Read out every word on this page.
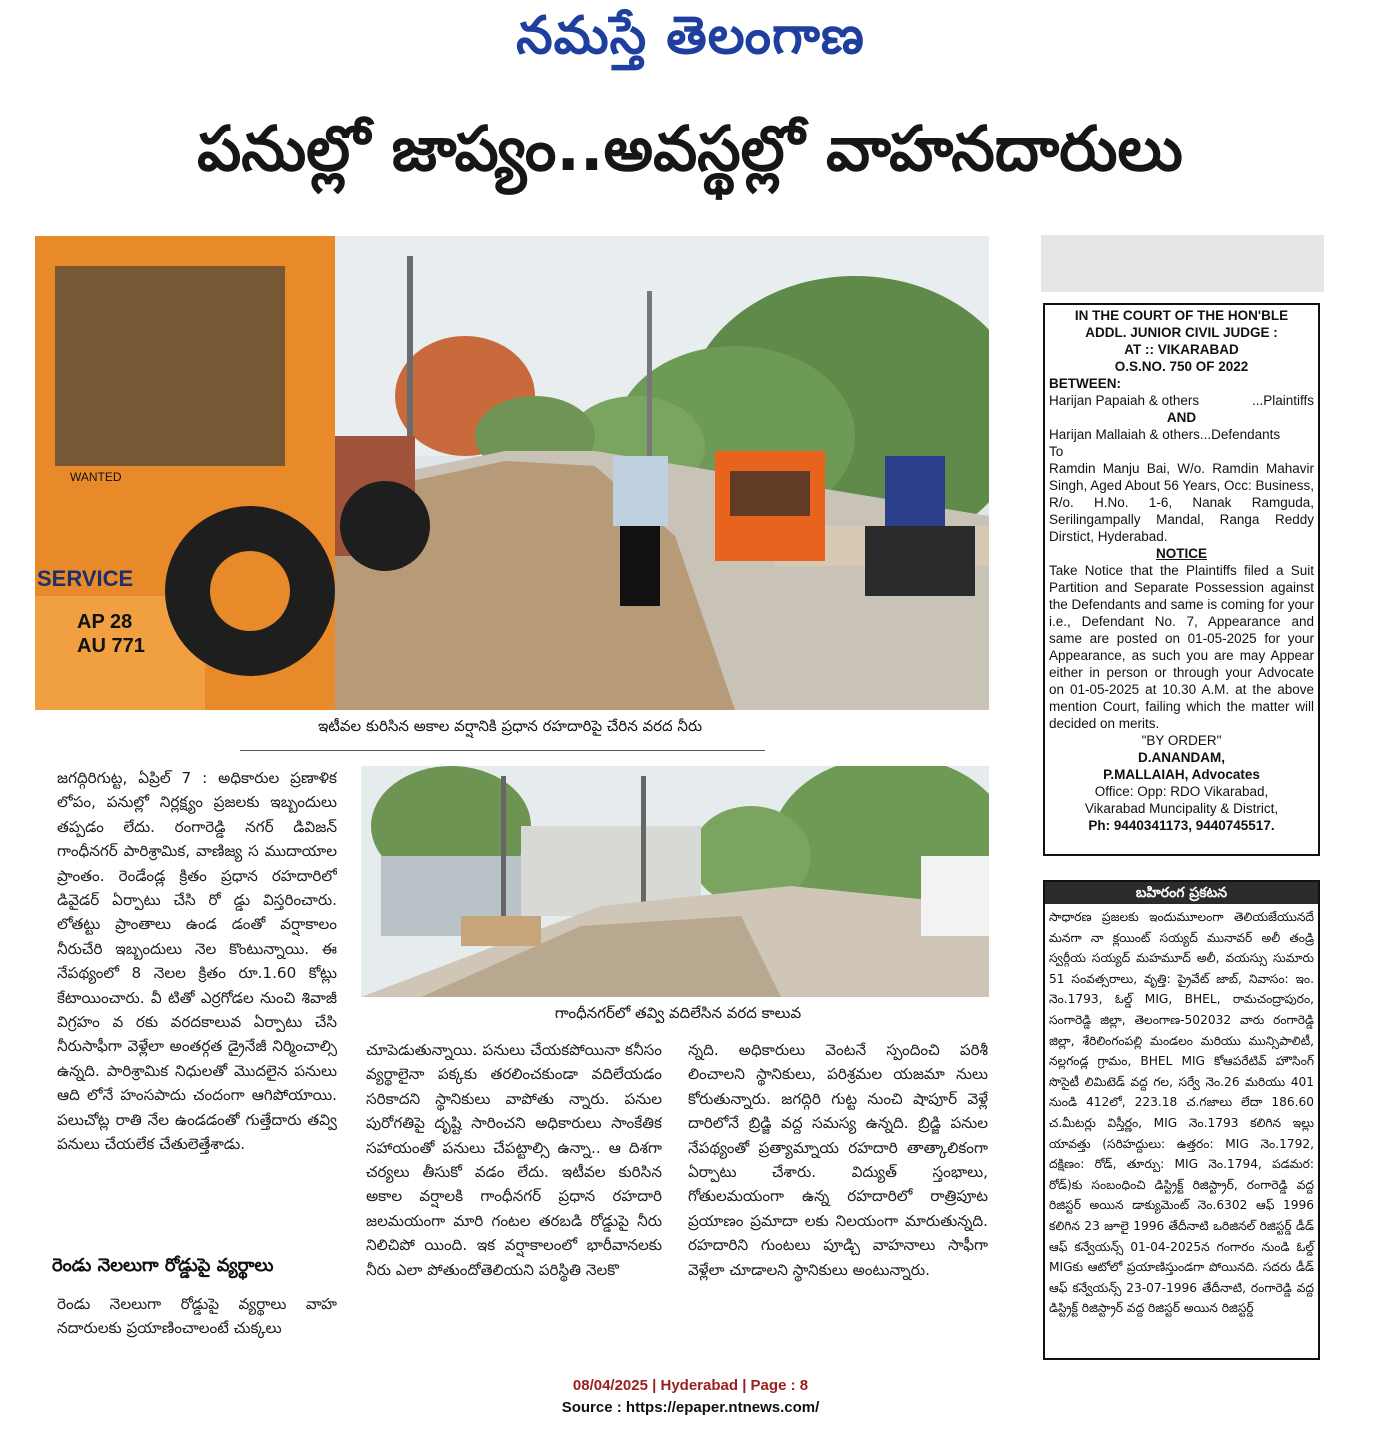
నమస్తే తెలంగాణ
పనుల్లో జాప్యం..అవస్థల్లో వాహనదారులు
WANTED
SERVICE
AP 28
AU 771
ఇటీవల కురిసిన అకాల వర్షానికి ప్రధాన రహదారిపై చేరిన వరద నీరు
గాంధీనగర్‌లో తవ్వి వదిలేసిన వరద కాలువ

జగద్గిరిగుట్ట, ఏప్రిల్ 7 : అధికారుల ప్రణాళిక లోపం, పనుల్లో నిర్లక్ష్యం ప్రజలకు ఇబ్బందులు తప్పడం లేదు. రంగారెడ్డి నగర్ డివిజన్ గాంధీనగర్ పారిశ్రామిక, వాణిజ్య స ముదాయాల ప్రాంతం. రెండేండ్ల క్రితం ప్రధాన రహదారిలో డివైడర్ ఏర్పాటు చేసి రో డ్డు విస్తరించారు. లోతట్టు ప్రాంతాలు ఉండ డంతో వర్షాకాలం నీరుచేరి ఇబ్బందులు నెల కొంటున్నాయి. ఈ నేపథ్యంలో 8 నెలల క్రితం రూ.1.60 కోట్లు కేటాయించారు. వీ టితో ఎర్రగోడల నుంచి శివాజీ విగ్రహం వ రకు వరదకాలువ ఏర్పాటు చేసి నీరుసాఫీగా వెళ్లేలా అంతర్గత డ్రైనేజీ నిర్మించాల్సి ఉన్నది. పారిశ్రామిక నిధులతో మొదలైన పనులు ఆది లోనే హంసపాదు చందంగా ఆగిపోయాయి. పలుచోట్ల రాతి నేల ఉండడంతో గుత్తేదారు తవ్వి పనులు చేయలేక చేతులెత్తేశాడు.

రెండు నెలలుగా రోడ్డుపై వ్యర్థాలు

రెండు నెలలుగా రోడ్డుపై వ్యర్థాలు వాహ నదారులకు ప్రయాణించాలంటే చుక్కలు

చూపెడుతున్నాయి. పనులు చేయకపోయినా కనీసం వ్యర్థాలైనా పక్కకు తరలించకుండా వదిలేయడం సరికాదని స్థానికులు వాపోతు న్నారు. పనుల పురోగతిపై దృష్టి సారించని అధికారులు సాంకేతిక సహాయంతో పనులు చేపట్టాల్సి ఉన్నా.. ఆ దిశగా చర్యలు తీసుకో వడం లేదు. ఇటీవల కురిసిన అకాల వర్షాలకి గాంధీనగర్ ప్రధాన రహదారి జలమయంగా మారి గంటల తరబడి రోడ్డుపై నీరు నిలిచిపో యింది. ఇక వర్షాకాలంలో భారీవానలకు నీరు ఎలా పోతుందోతెలియని పరిస్థితి నెలకొ

న్నది. అధికారులు వెంటనే స్పందించి పరిశీ లించాలని స్థానికులు, పరిశ్రమల యజమా నులు కోరుతున్నారు. జగద్గిరి గుట్ట నుంచి షాపూర్ వెళ్లే దారిలోనే బ్రిడ్జి వద్ద సమస్య ఉన్నది. బ్రిడ్జి పనుల నేపథ్యంతో ప్రత్యామ్నాయ రహదారి తాత్కాలికంగా ఏర్పాటు చేశారు. విద్యుత్ స్తంభాలు, గోతులమయంగా ఉన్న రహదారిలో రాత్రిపూట ప్రయాణం ప్రమాదా లకు నిలయంగా మారుతున్నది. రహదారిని గుంటలు పూడ్చి వాహనాలు సాఫీగా వెళ్లేలా చూడాలని స్థానికులు అంటున్నారు.

IN THE COURT OF THE HON'BLE
ADDL. JUNIOR CIVIL JUDGE :
AT :: VIKARABAD
O.S.NO. 750 OF 2022
BETWEEN:
Harijan Papaiah & others	...Plaintiffs
AND
Harijan Mallaiah & others...Defendants
To
Ramdin Manju Bai, W/o. Ramdin Mahavir Singh, Aged About 56 Years, Occ: Business, R/o. H.No. 1-6, Nanak Ramguda, Serilingampally Mandal, Ranga Reddy Dirstict, Hyderabad.
NOTICE
Take Notice that the Plaintiffs filed a Suit Partition and Separate Possession against the Defendants and same is coming for your i.e., Defendant No. 7, Appearance and same are posted on 01-05-2025 for your Appearance, as such you are may Appear either in person or through your Advocate on 01-05-2025 at 10.30 A.M. at the above mention Court, failing which the matter will decided on merits.
"BY ORDER"
D.ANANDAM,
P.MALLAIAH, Advocates
Office: Opp: RDO Vikarabad,
Vikarabad Muncipality & District,
Ph: 9440341173, 9440745517.
బహిరంగ ప్రకటన
సాధారణ ప్రజలకు ఇందుమూలంగా తెలియజేయునదే మనగా నా క్లయింట్ సయ్యద్ మునావర్ అలీ తండ్రి స్వర్గీయ సయ్యద్ మహమూద్ అలీ, వయస్సు సుమారు 51 సంవత్సరాలు, వృత్తి: ప్రైవేట్ జాబ్, నివాసం: ఇం. నెం.1793, ఓల్డ్ MIG, BHEL, రామచంద్రాపురం, సంగారెడ్డి జిల్లా, తెలంగాణ-502032 వారు రంగారెడ్డి జిల్లా, శేరిలింగంపల్లి మండలం మరియు మున్సిపాలిటీ, నల్లగండ్ల గ్రామం, BHEL MIG కోఆపరేటివ్ హౌసింగ్ సొసైటీ లిమిటెడ్ వద్ద గల, సర్వే నెం.26 మరియు 401 నుండి 412లో, 223.18 చ.గజాలు లేదా 186.60 చ.మీటర్లు విస్తీర్ణం, MIG నెం.1793 కలిగిన ఇల్లు యావత్తు (సరిహద్దులు: ఉత్తరం: MIG నెం.1792, దక్షిణం: రోడ్, తూర్పు: MIG నెం.1794, పడమర: రోడ్)కు సంబంధించి డిస్ట్రిక్ట్ రిజిస్ట్రార్, రంగారెడ్డి వద్ద రిజిస్టర్ అయిన డాక్యుమెంట్ నెం.6302 ఆఫ్ 1996 కలిగిన 23 జూలై 1996 తేదీనాటి ఒరిజినల్ రిజిస్టర్డ్ డీడ్ ఆఫ్ కన్వేయన్స్ 01-04-2025న గంగారం నుండి ఓల్డ్ MIGకు ఆటోలో ప్రయాణిస్తుండగా పోయినది. సదరు డీడ్ ఆఫ్ కన్వేయన్స్ 23-07-1996 తేదీనాటి, రంగారెడ్డి వద్ద డిస్ట్రిక్ట్ రిజిస్ట్రార్ వద్ద రిజిస్టర్ అయిన రిజిస్టర్డ్
08/04/2025 | Hyderabad | Page : 8
Source : https://epaper.ntnews.com/
